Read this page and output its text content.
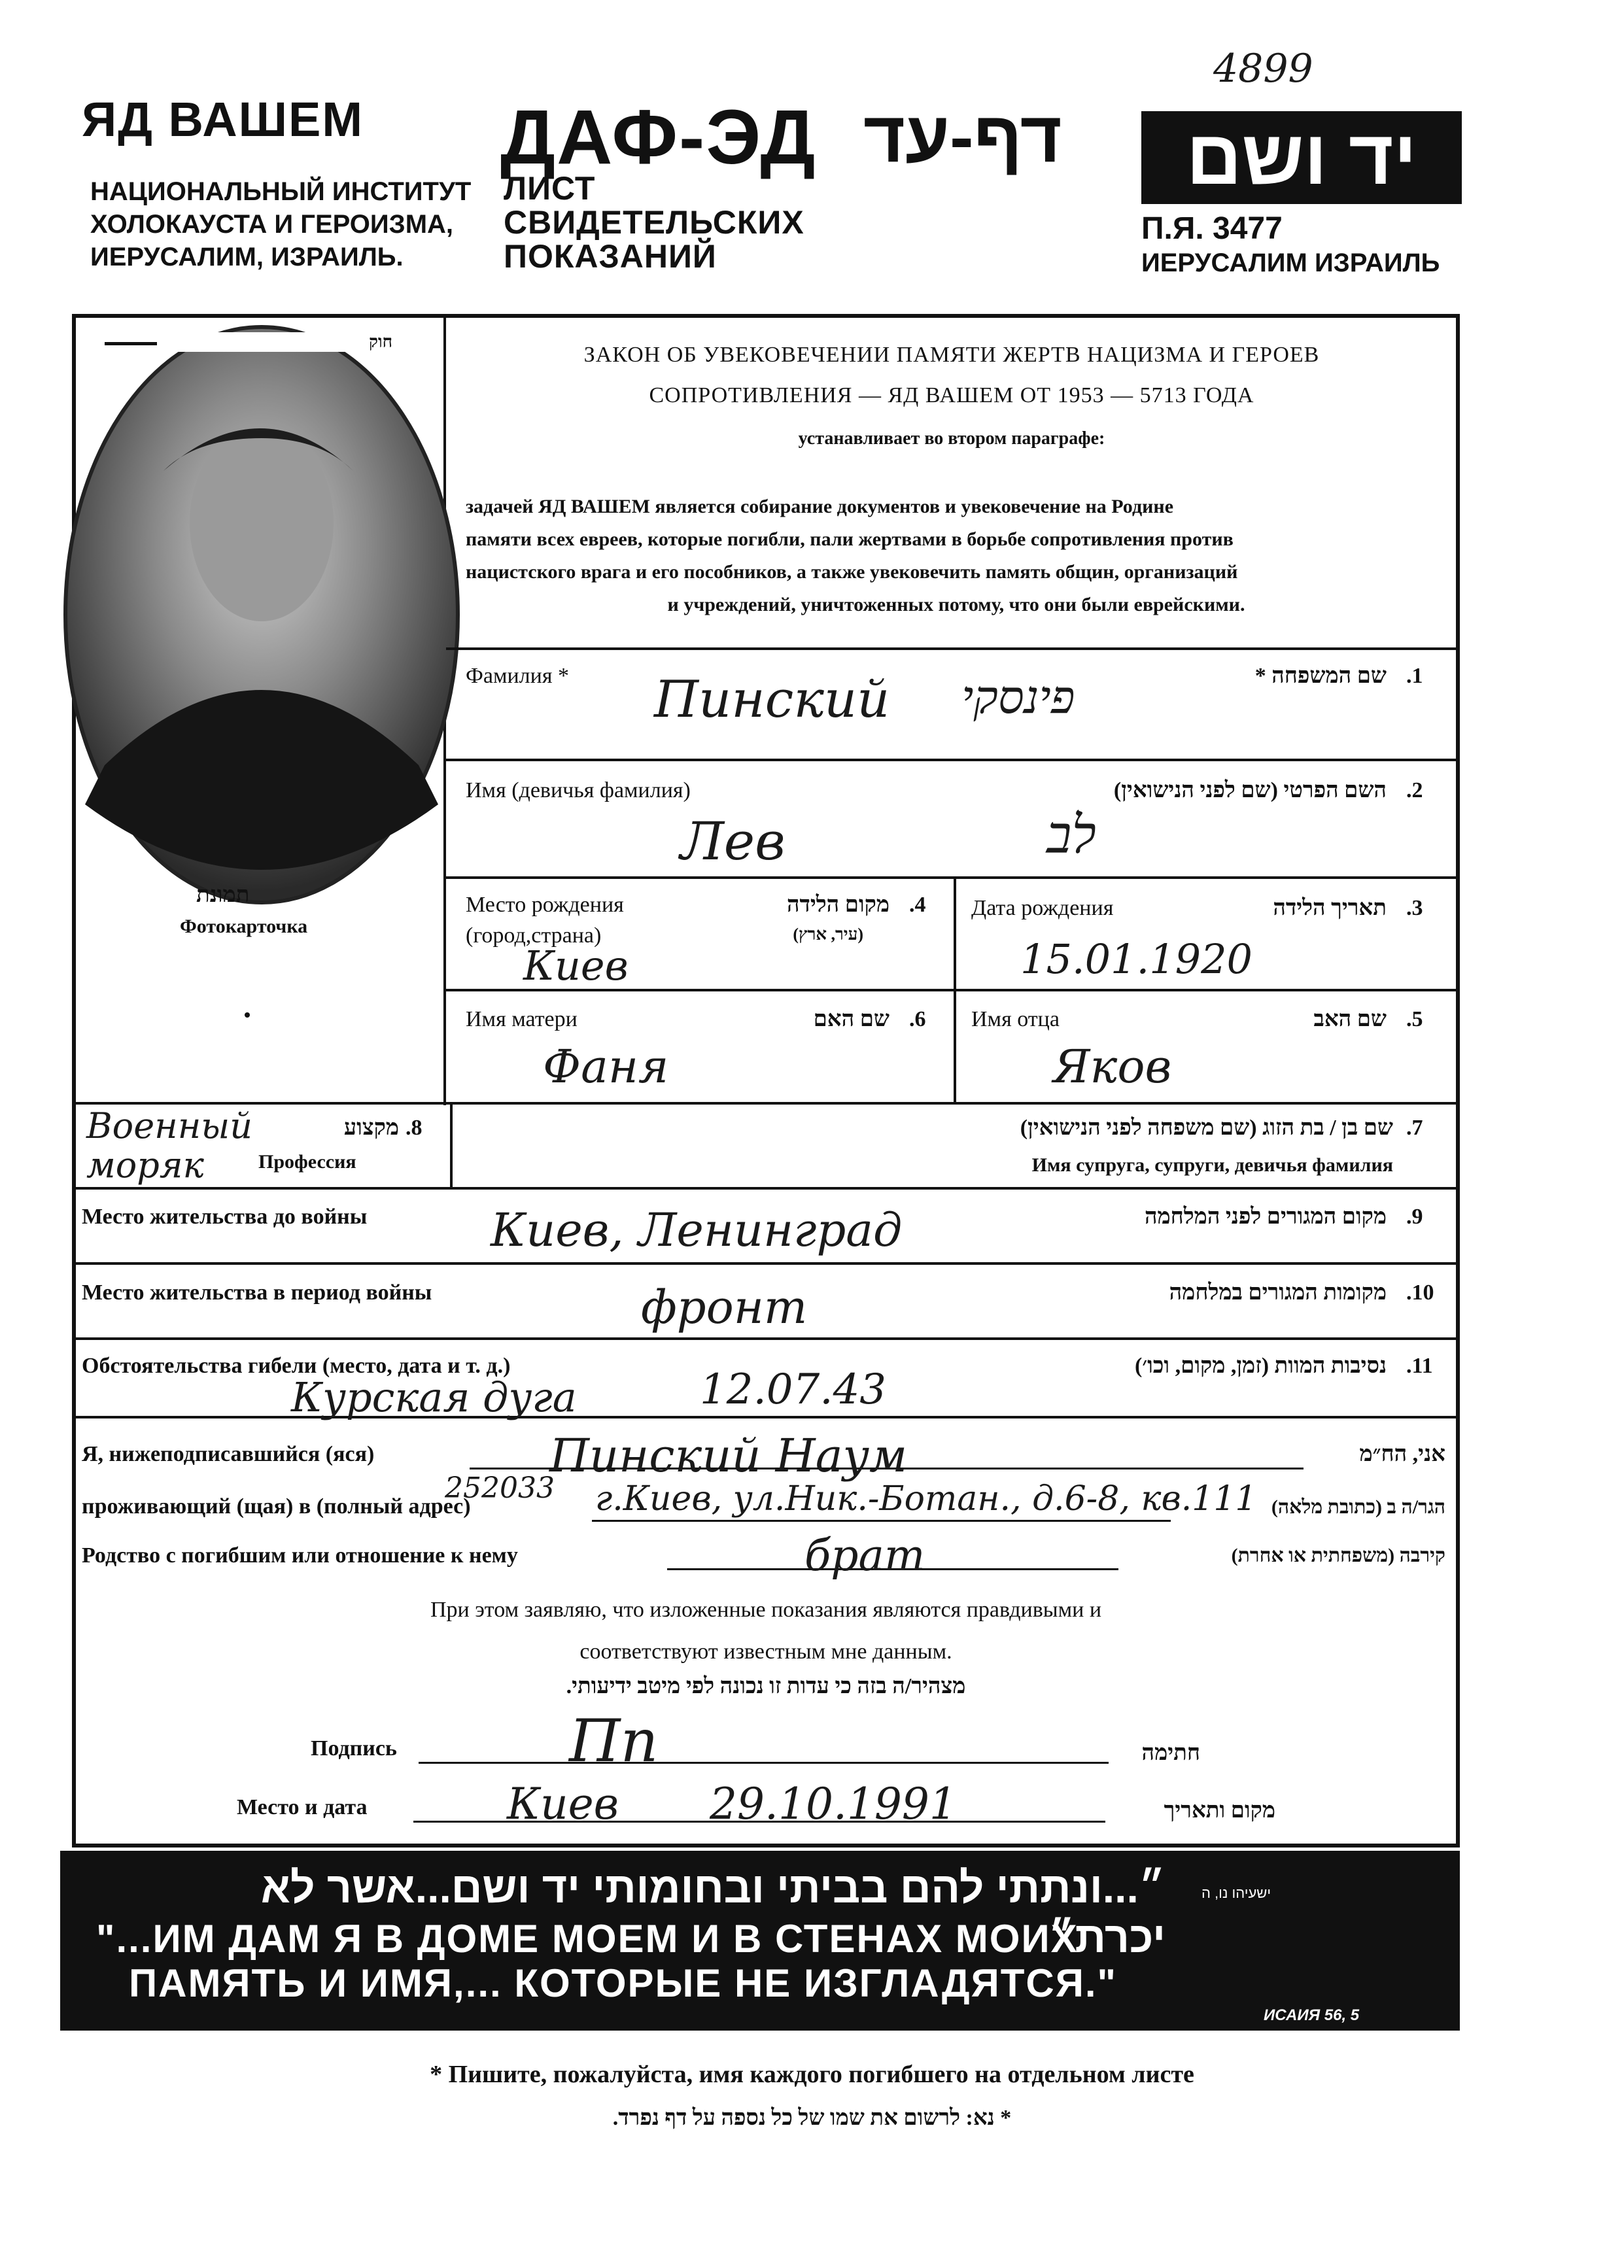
4899
ЯД ВАШЕМ
НАЦИОНАЛЬНЫЙ ИНСТИТУТ
ХОЛОКАУСТА И ГЕРОИЗМА,
ИЕРУСАЛИМ, ИЗРАИЛЬ.
ДАФ-ЭД דף-עד
ЛИСТ
СВИДЕТЕЛЬСКИХ
ПОКАЗАНИЙ
יד ושם
П.Я. 3477
ИЕРУСАЛИМ ИЗРАИЛЬ
חוק
תמונת
Фотокарточка
ЗАКОН ОБ УВЕКОВЕЧЕНИИ ПАМЯТИ ЖЕРТВ НАЦИЗМА И ГЕРОЕВ
СОПРОТИВЛЕНИЯ — ЯД ВАШЕМ ОТ 1953 — 5713 ГОДА
устанавливает во втором параграфе:
задачей ЯД ВАШЕМ является собирание документов и увековечение на Родине
памяти всех евреев, которые погибли, пали жертвами в борьбе сопротивления против
нацистского врага и его пособников, а также увековечить память общин, организаций
и учреждений, уничтоженных потому, что они были еврейскими.
Фамилия *	שם המשפחה * .1
Пинский פינסקי
Имя (девичья фамилия)	השם הפרטי (שם לפני הנישואין) .2
Лев	לב
Место рождения
(город,страна)
מקום הלידה
(עיר, ארץ)
.4
Киев
Дата рождения	תאריך הלידה .3
15.01.1920
Имя матери	שם האם .6
Фаня
Имя отца	שם האב .5
Яков
Военный
моряк
מקצוע .8
Профессия
שם בן / בת הזוג (שם משפחה לפני הנישואין) .7
Имя супруга, супруги, девичья фамилия
Место жительства до войны	מקום המגורים לפני המלחמה .9
Киев, Ленинград
Место жительства в период войны	מקומות המגורים במלחמה .10
фронт
Обстоятельства гибели (место, дата и т. д.)	נסיבות המוות (זמן, מקום, וכו׳) .11
Курская дуга	12.07.43
Я, нижеподписавшийся (яся)	Пинский Наум	אני, הח״מ
252033
проживающий (щая) в (полный адрес)	г.Киев, ул.Ник.-Ботан., д.6-8, кв.111 הגר/ה ב (כתובת מלאה)
Родство с погибшим или отношение к нему	брат	קירבה (משפחתית או אחרת)
При этом заявляю, что изложенные показания являются правдивыми и
соответствуют известным мне данным.
מצהיר/ה בזה כי עדות זו נכונה לפי מיטב ידיעותי.
Подпись	Пп	חתימה
Место и дата	Киев 29.10.1991	מקום ותאריך
ישעיהו נו, ה
״...ונתתי להם בביתי ובחומותי יד ושם...אשר לא יכרת״
"...ИМ ДАМ Я В ДОМЕ МОЕМ И В СТЕНАХ МОИХ
ПАМЯТЬ И ИМЯ,... КОТОРЫЕ НЕ ИЗГЛАДЯТСЯ."
ИСАИЯ 56, 5
* Пишите, пожалуйста, имя каждого погибшего на отдельном листе
* נא: לרשום את שמו של כל נספה על דף נפרד.
